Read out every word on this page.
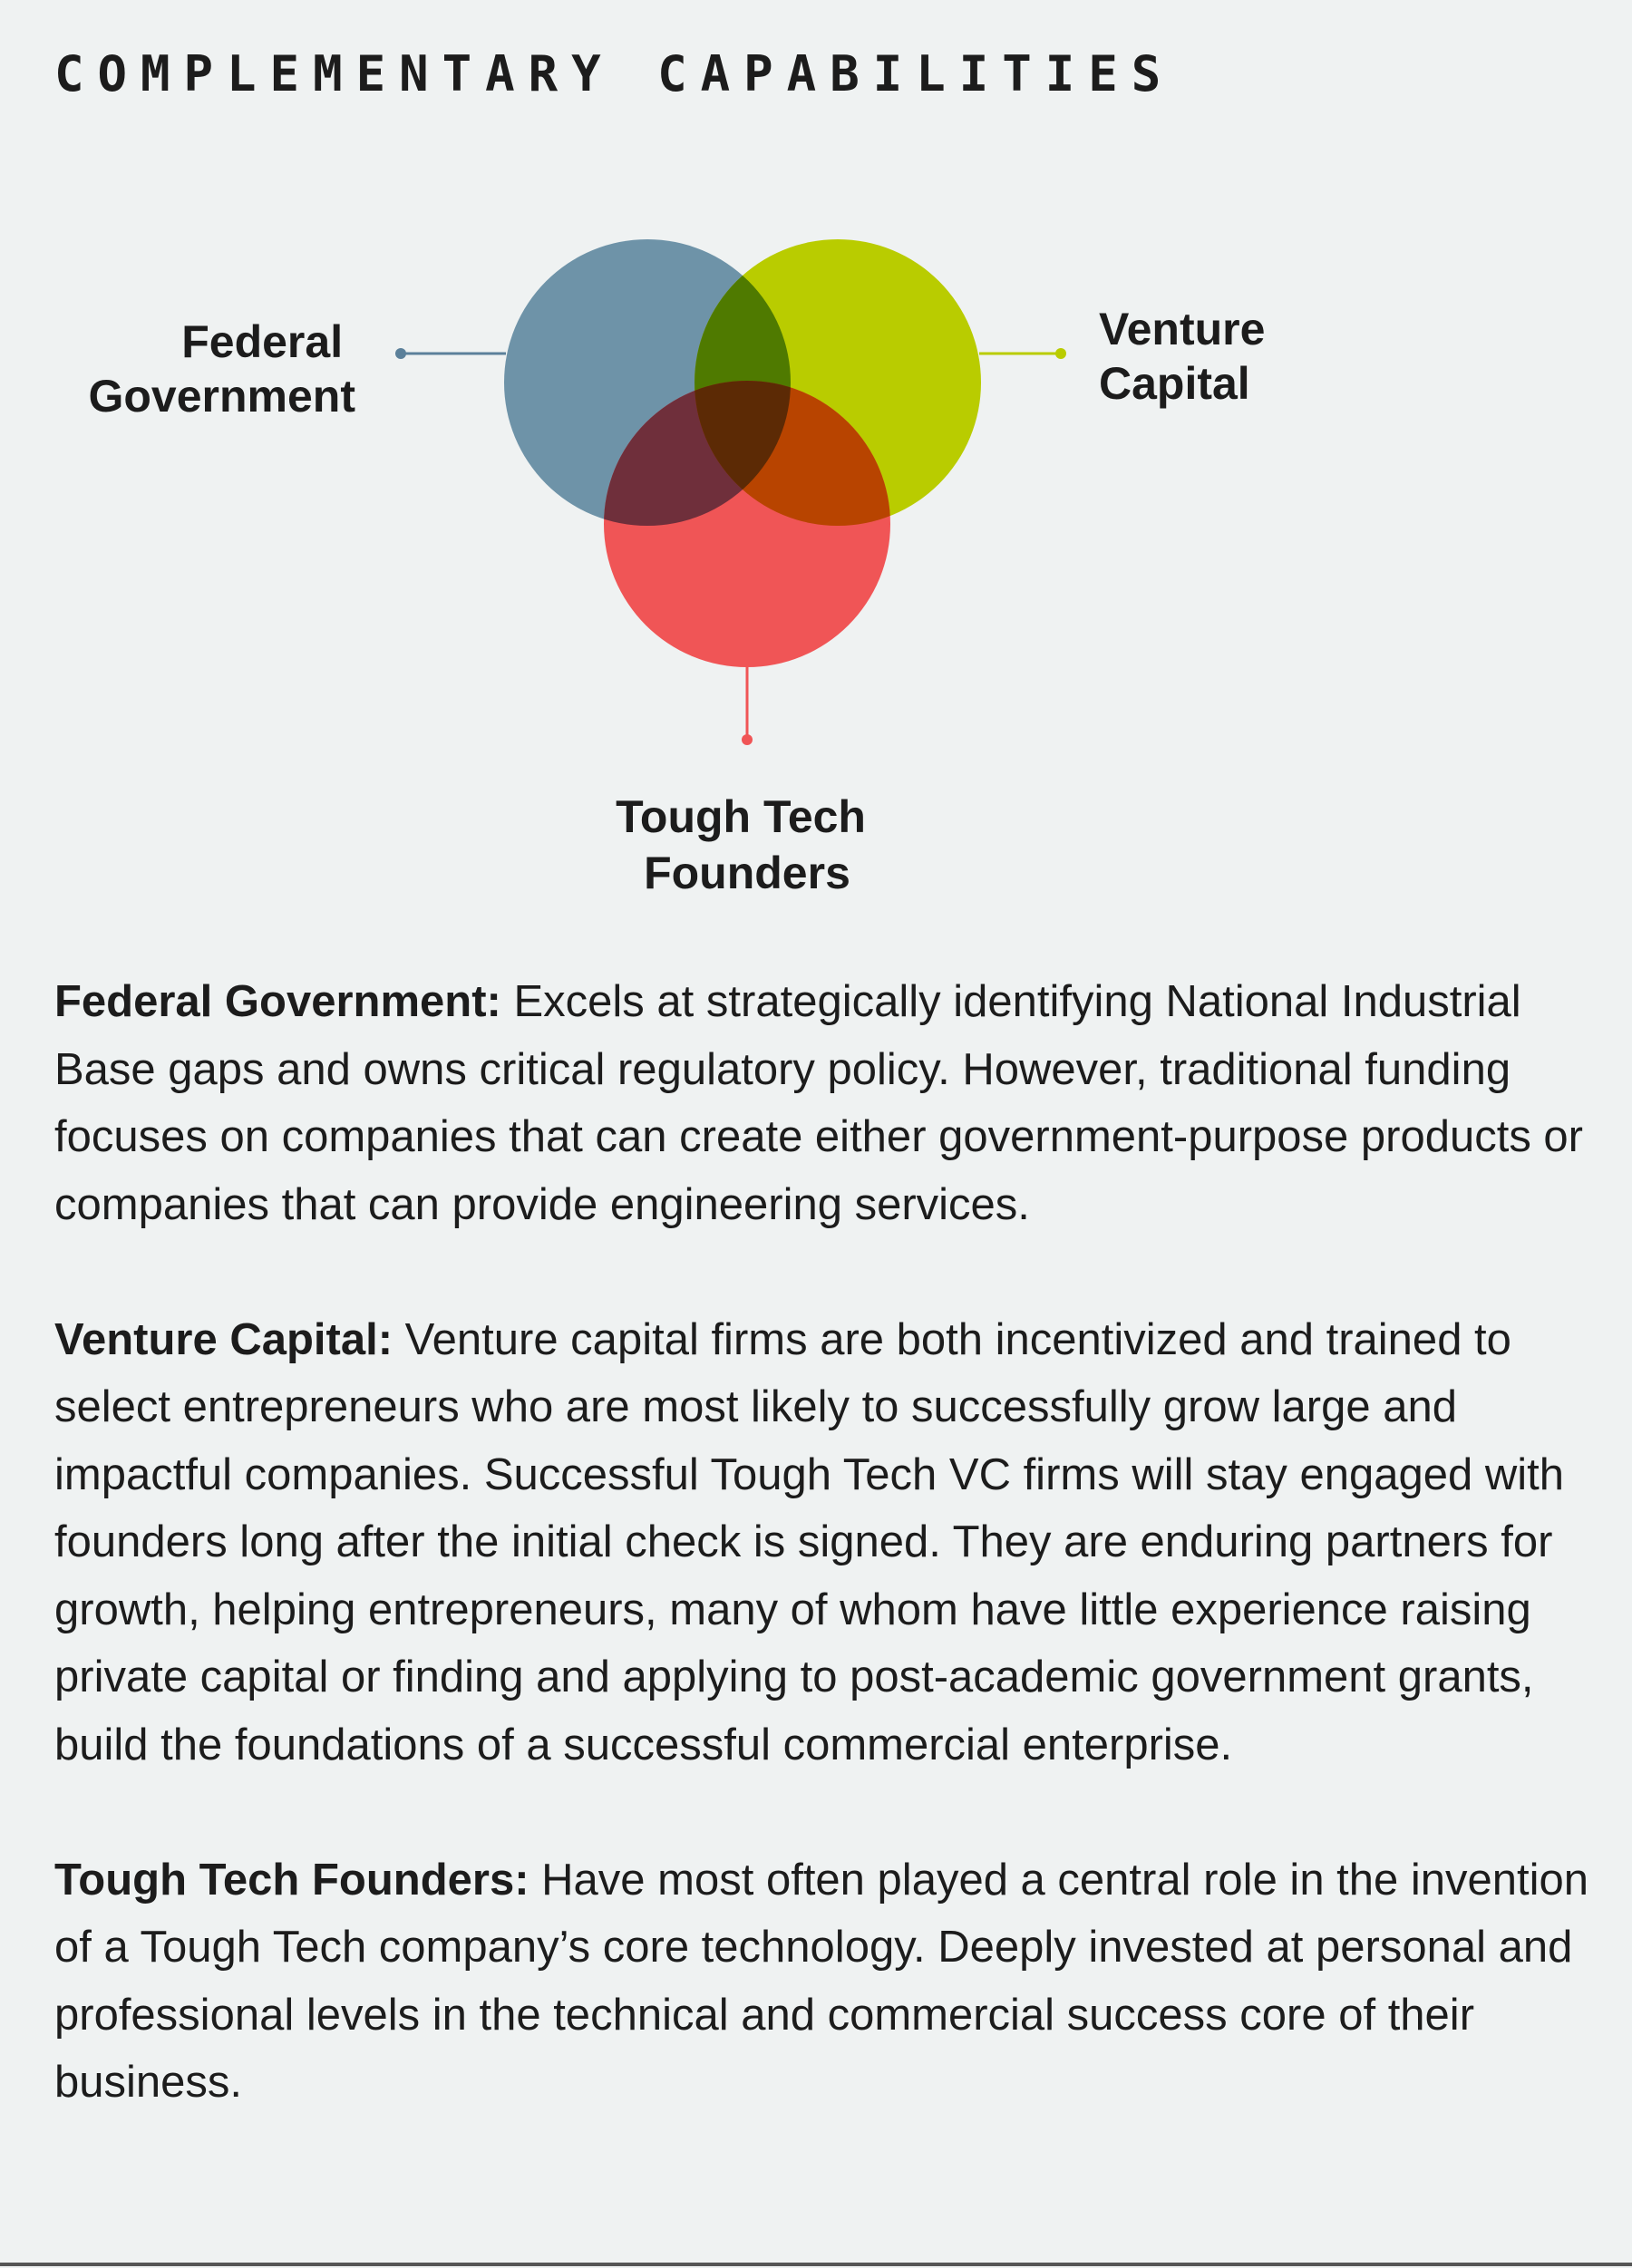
COMPLEMENTARY CAPABILITIES
Federal Government
Venture Capital
Tough Tech Founders

Federal Government: Excels at strategically identifying National Industrial Base gaps and owns critical regulatory policy. However, traditional funding focuses on companies that can create either government-purpose products or companies that can provide engineering services.

Venture Capital: Venture capital firms are both incentivized and trained to select entrepreneurs who are most likely to successfully grow large and impactful companies. Successful Tough Tech VC firms will stay engaged with founders long after the initial check is signed. They are enduring partners for growth, helping entrepreneurs, many of whom have little experience raising private capital or finding and applying to post-academic government grants, build the foundations of a successful commercial enterprise.

Tough Tech Founders: Have most often played a central role in the invention of a Tough Tech company’s core technology. Deeply invested at personal and professional levels in the technical and commercial success core of their business.
